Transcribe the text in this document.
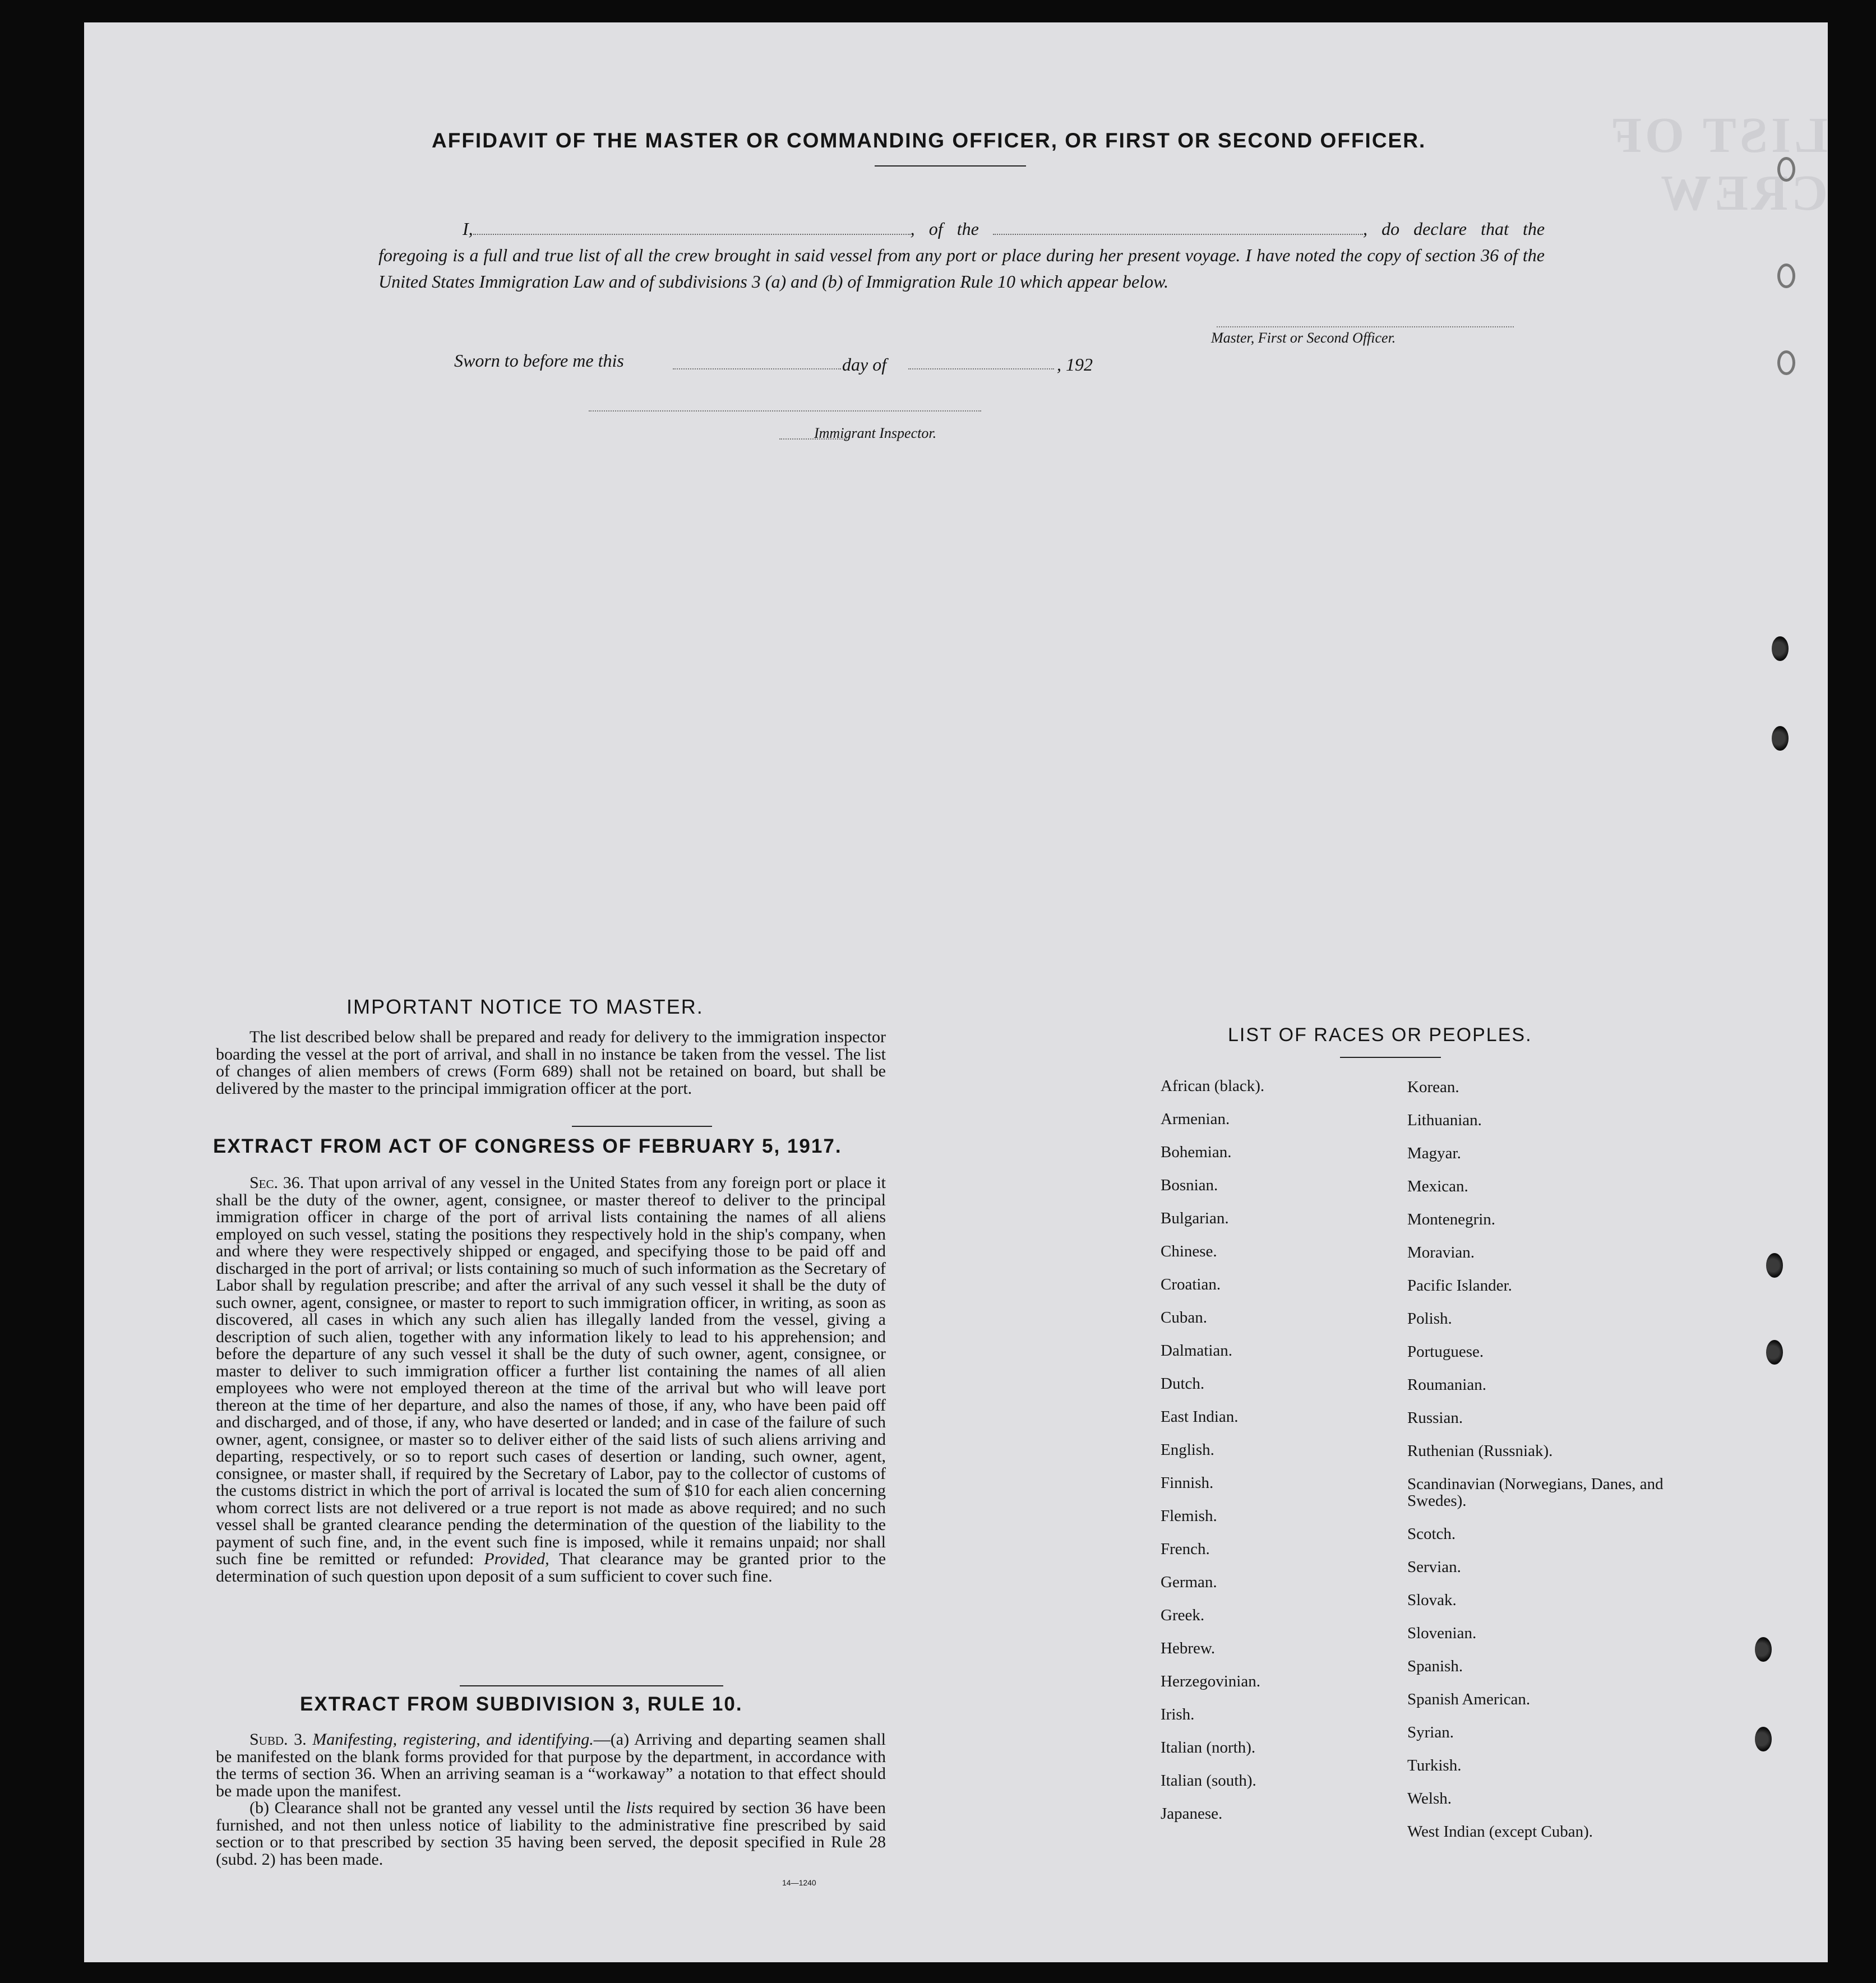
LIST OF CREW
AFFIDAVIT OF THE MASTER OR COMMANDING OFFICER, OR FIRST OR SECOND OFFICER.
I,	, of the	, do declare that the foregoing is a full and true list of all the crew brought in said vessel from any port or place during her present voyage. I have noted the copy of section 36 of the United States Immigration Law and of subdivisions 3 (a) and (b) of Immigration Rule 10 which appear below.
Master, First or Second Officer.
Sworn to before me this	day of	, 192
Immigrant Inspector.
IMPORTANT NOTICE TO MASTER.

The list described below shall be prepared and ready for delivery to the immigration inspector boarding the vessel at the port of arrival, and shall in no instance be taken from the vessel. The list of changes of alien members of crews (Form 689) shall not be retained on board, but shall be delivered by the master to the principal immigration officer at the port.

EXTRACT FROM ACT OF CONGRESS OF FEBRUARY 5, 1917.

Sec. 36. That upon arrival of any vessel in the United States from any foreign port or place it shall be the duty of the owner, agent, consignee, or master thereof to deliver to the principal immigration officer in charge of the port of arrival lists containing the names of all aliens employed on such vessel, stating the positions they respectively hold in the ship's company, when and where they were respectively shipped or engaged, and specifying those to be paid off and discharged in the port of arrival; or lists containing so much of such information as the Secretary of Labor shall by regulation prescribe; and after the arrival of any such vessel it shall be the duty of such owner, agent, consignee, or master to report to such immigration officer, in writing, as soon as discovered, all cases in which any such alien has illegally landed from the vessel, giving a description of such alien, together with any information likely to lead to his apprehension; and before the departure of any such vessel it shall be the duty of such owner, agent, consignee, or master to deliver to such immigration officer a further list containing the names of all alien employees who were not employed thereon at the time of the arrival but who will leave port thereon at the time of her departure, and also the names of those, if any, who have been paid off and discharged, and of those, if any, who have deserted or landed; and in case of the failure of such owner, agent, consignee, or master so to deliver either of the said lists of such aliens arriving and departing, respectively, or so to report such cases of desertion or landing, such owner, agent, consignee, or master shall, if required by the Secretary of Labor, pay to the collector of customs of the customs district in which the port of arrival is located the sum of $10 for each alien concerning whom correct lists are not delivered or a true report is not made as above required; and no such vessel shall be granted clearance pending the determination of the question of the liability to the payment of such fine, and, in the event such fine is imposed, while it remains unpaid; nor shall such fine be remitted or refunded: Provided, That clearance may be granted prior to the determination of such question upon deposit of a sum sufficient to cover such fine.

EXTRACT FROM SUBDIVISION 3, RULE 10.

Subd. 3. Manifesting, registering, and identifying.—(a) Arriving and departing seamen shall be manifested on the blank forms provided for that purpose by the department, in accordance with the terms of section 36. When an arriving seaman is a “workaway” a notation to that effect should be made upon the manifest.

(b) Clearance shall not be granted any vessel until the lists required by section 36 have been furnished, and not then unless notice of liability to the administrative fine prescribed by said section or to that prescribed by section 35 having been served, the deposit specified in Rule 28 (subd. 2) has been made.

14—1240
LIST OF RACES OR PEOPLES.
African (black).
Armenian.
Bohemian.
Bosnian.
Bulgarian.
Chinese.
Croatian.
Cuban.
Dalmatian.
Dutch.
East Indian.
English.
Finnish.
Flemish.
French.
German.
Greek.
Hebrew.
Herzegovinian.
Irish.
Italian (north).
Italian (south).
Japanese.
Korean.
Lithuanian.
Magyar.
Mexican.
Montenegrin.
Moravian.
Pacific Islander.
Polish.
Portuguese.
Roumanian.
Russian.
Ruthenian (Russniak).
Scandinavian (Norwegians, Danes, and Swedes).
Scotch.
Servian.
Slovak.
Slovenian.
Spanish.
Spanish American.
Syrian.
Turkish.
Welsh.
West Indian (except Cuban).
